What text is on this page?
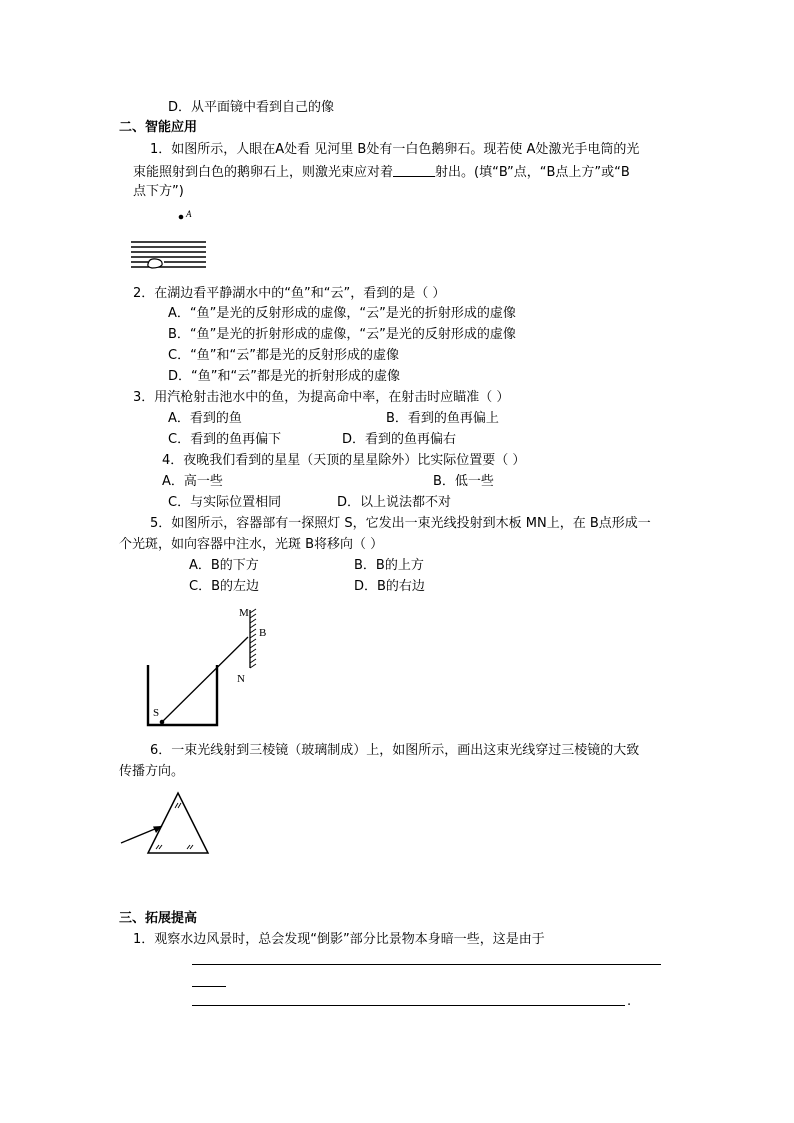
D．从平面镜中看到自己的像
二、智能应用
1．如图所示，人眼在A处看 见河里 B处有一白色鹅卵石。现若使 A处激光手电筒的光
束能照射到白色的鹅卵石上，则激光束应对着	射出。(填“B”点，“B点上方”或“B
点下方”)
A
2．在湖边看平静湖水中的“鱼”和“云”，看到的是（ ）
A．“鱼”是光的反射形成的虚像，“云”是光的折射形成的虚像
B．“鱼”是光的折射形成的虚像，“云”是光的反射形成的虚像
C．“鱼”和“云”都是光的反射形成的虚像
D．“鱼”和“云”都是光的折射形成的虚像
3．用汽枪射击池水中的鱼，为提高命中率，在射击时应瞄准（ ）
A．看到的鱼	B．看到的鱼再偏上
C．看到的鱼再偏下	D．看到的鱼再偏右
4．夜晚我们看到的星星（天顶的星星除外）比实际位置要（ ）
A．高一些	B．低一些
C．与实际位置相同	D．以上说法都不对
5．如图所示，容器部有一探照灯 S，它发出一束光线投射到木板 MN上，在 B点形成一
个光斑，如向容器中注水，光斑 B将移向（ ）
A．B的下方	B．B的上方
C．B的左边	D．B的右边
M
B
N
S
6．一束光线射到三棱镜（玻璃制成）上，如图所示，画出这束光线穿过三棱镜的大致
传播方向。
三、拓展提高
1．观察水边风景时，总会发现“倒影”部分比景物本身暗一些，这是由于
.
